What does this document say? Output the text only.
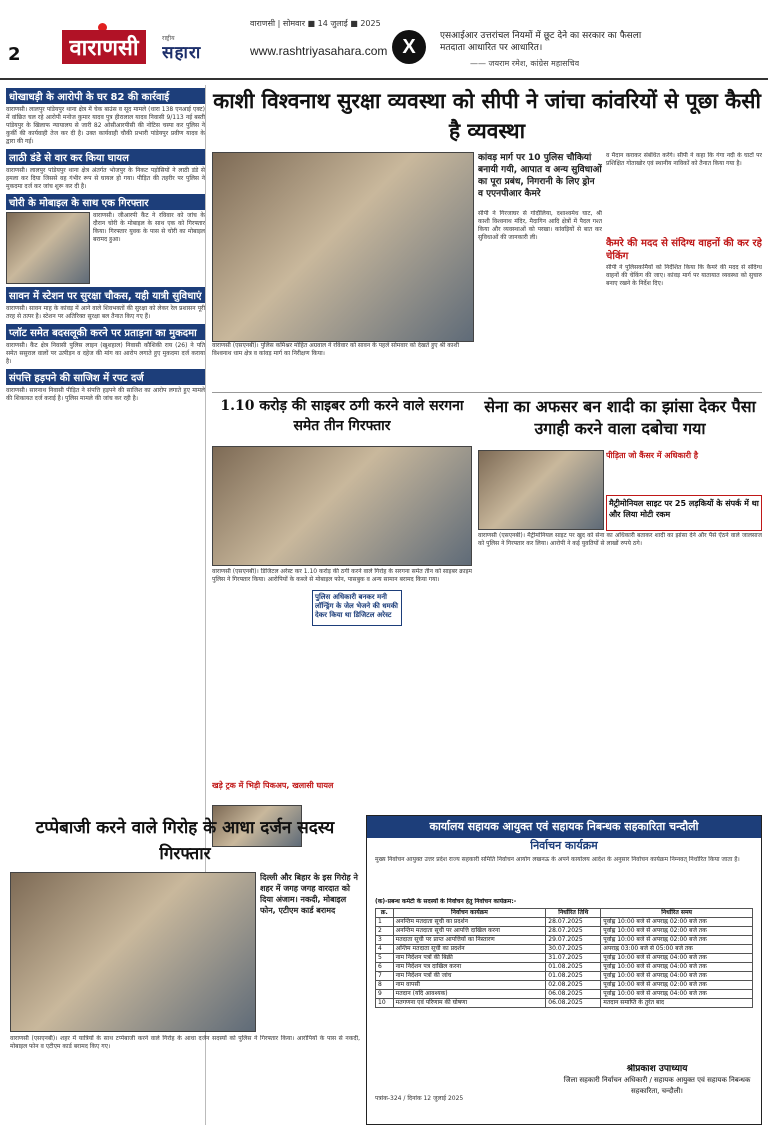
2	वाराणसी
वाराणसी | सोमवार ■ 14 जुलाई ■ 2025
राष्ट्रीय
सहारा	www.rashtriyasahara.com X	एसआईआर उत्तरांचल नियमों में छूट देने का सरकार का फैसला मतदाता आधारित पर आधारित।
—— जयराम रमेश, कांग्रेस महासचिव
धोखाधड़ी के आरोपी के घर 82 की कार्रवाई
वाराणसी। लालपुर पांडेयपुर थाना क्षेत्र में चेक बाउंस व सूद मामले (धारा 138 एनआई एक्ट) में वांछित चल रहे आरोपी मनोज कुमार यादव पुत्र हीरालाल यादव निवासी 9/113 नई बस्ती पांडेयपुर के खिलाफ न्यायालय से जारी 82 ओसीआरपीसी की नोटिस चस्पा कर पुलिस ने कुर्की की कार्यवाही तेज कर दी है। उक्त कार्यवाही चौकी प्रभारी पांडेयपुर प्रवीण यादव के द्वारा की गई।
लाठी डंडे से वार कर किया घायल
वाराणसी। लालपुर पांडेयपुर थाना क्षेत्र अंतर्गत भोजपुर के निकट पड़ोसियों ने लाठी डंडे से हमला कर दिया जिससे वह गंभीर रूप से घायल हो गया। पीड़ित की तहरीर पर पुलिस ने मुकदमा दर्ज कर जांच शुरू कर दी है।
चोरी के मोबाइल के साथ एक गिरफ्तार
वाराणसी। जीआरपी कैंट ने रविवार को जांच के दौरान चोरी के मोबाइल के साथ एक को गिरफ्तार किया। गिरफ्तार युवक के पास से चोरी का मोबाइल बरामद हुआ।
सावन में स्टेशन पर सुरक्षा चौकस, यही यात्री सुविधाएं
वाराणसी। सावन माह के कांवड़ में आने वाले शिवभक्तों की सुरक्षा को लेकर रेल प्रशासन पूरी तरह से तत्पर है। स्टेशन पर अतिरिक्त सुरक्षा बल तैनात किए गए हैं।
प्लॉट समेत बदसलूकी करने पर प्रताड़ना का मुकदमा
वाराणसी। कैंट क्षेत्र निवासी पुलिस लाइन (खुशहाल) निवासी कौशिकी राय (26) ने पति समेत ससुराल वालों पर उत्पीड़न व दहेज की मांग का आरोप लगाते हुए मुकदमा दर्ज कराया है।
संपत्ति हड़पने की साजिश में रपट दर्ज
वाराणसी। सारनाथ निवासी पीड़ित ने संपत्ति हड़पने की साजिश का आरोप लगाते हुए मामले की शिकायत दर्ज कराई है। पुलिस मामले की जांच कर रही है।
काशी विश्वनाथ सुरक्षा व्यवस्था को सीपी ने जांचा कांवरियों से पूछा कैसी है व्यवस्था
वाराणसी (एसएनबी)। पुलिस कमिश्नर मोहित अग्रवाल ने रविवार को सावन के पहले सोमवार को देखते हुए श्री काशी विश्वनाथ धाम क्षेत्र व कांवड़ मार्ग का निरीक्षण किया।
कांवड़ मार्ग पर 10 पुलिस चौकियां बनायी गयी, आपात व अन्य सुविधाओं का पूरा प्रबंध, निगरानी के लिए ड्रोन व एएनपीआर कैमरे
सीपी ने गिरजाघर से गोदौलिया, दशाश्वमेध घाट, श्री काशी विश्वनाथ मंदिर, मैदागिन आदि क्षेत्रों में पैदल गश्त किया और व्यवस्थाओं को परखा। कांवड़ियों से बात कर सुविधाओं की जानकारी ली।
व मैदान कराकर संबंधित करेंगे। सीपी ने कहा कि गंगा नदी के घाटों पर प्रशिक्षित गोताखोर एवं स्थानीय नाविकों को तैनात किया गया है।
कैमरे की मदद से संदिग्ध वाहनों की कर रहे चेकिंग
सीपी ने पुलिसकर्मियों को निर्देशित किया कि कैमरे की मदद से संदिग्ध वाहनों की चेकिंग की जाए। कांवड़ मार्ग पर यातायात व्यवस्था को सुचारु बनाए रखने के निर्देश दिए।
1.10 करोड़ की साइबर ठगी करने वाले सरगना समेत तीन गिरफ्तार
वाराणसी (एसएनबी)। डिजिटल अरेस्ट कर 1.10 करोड़ की ठगी करने वाले गिरोह के सरगना समेत तीन को साइबर क्राइम पुलिस ने गिरफ्तार किया। आरोपियों के कब्जे से मोबाइल फोन, पासबुक व अन्य सामान बरामद किया गया।
पुलिस अधिकारी बनकर मनी लॉन्ड्रिंग के जेल भेजने की धमकी देकर किया था डिजिटल अरेस्ट
खड़े ट्रक में भिड़ी पिकअप, खलासी घायल
सेना का अफसर बन शादी का झांसा देकर पैसा उगाही करने वाला दबोचा गया
पीड़िता जो कैंसर में अधिकारी है
मैट्रीमोनियल साइट पर 25 लड़कियों के संपर्क में था और लिया मोटी रकम
वाराणसी (एसएनबी)। मैट्रीमोनियल साइट पर खुद को सेना का अधिकारी बताकर शादी का झांसा देने और पैसे ऐंठने वाले जालसाज को पुलिस ने गिरफ्तार कर लिया। आरोपी ने कई युवतियों से लाखों रुपये ठगे।
कार्यालय सहायक आयुक्त एवं सहायक निबन्धक सहकारिता चन्दौली
निर्वाचन कार्यक्रम
मुख्य निर्वाचन आयुक्त उत्तर प्रदेश राज्य सहकारी समिति निर्वाचन आयोग लखनऊ के अपने कार्यालय आदेश के अनुसार निर्वाचन कार्यक्रम निम्नवत् निर्धारित किया जाता है।
(क)-प्रबन्ध कमेटी के सदस्यों के निर्वाचन हेतु निर्वाचन कार्यक्रम:-
क्र.	निर्वाचन कार्यक्रम	निर्धारित तिथि	निर्धारित समय
1	अनन्तिम मतदाता सूची का प्रदर्शन	28.07.2025	पूर्वाह्न 10:00 बजे से अपराह्न 02:00 बजे तक
2	अनन्तिम मतदाता सूची पर आपत्ति दाखिल करना	28.07.2025	पूर्वाह्न 10:00 बजे से अपराह्न 02:00 बजे तक
3	मतदाता सूची पर प्राप्त आपत्तियों का निस्तारण	29.07.2025	पूर्वाह्न 10:00 बजे से अपराह्न 02:00 बजे तक
4	अन्तिम मतदाता सूची का प्रदर्शन	30.07.2025	अपराह्न 03:00 बजे से 05:00 बजे तक
5	नाम निर्देशन पत्रों की बिक्री	31.07.2025	पूर्वाह्न 10:00 बजे से अपराह्न 04:00 बजे तक
6	नाम निर्देशन पत्र दाखिल करना	01.08.2025	पूर्वाह्न 10:00 बजे से अपराह्न 04:00 बजे तक
7	नाम निर्देशन पत्रों की जांच	01.08.2025	पूर्वाह्न 10:00 बजे से अपराह्न 04:00 बजे तक
8	नाम वापसी	02.08.2025	पूर्वाह्न 10:00 बजे से अपराह्न 02:00 बजे तक
9	मतदान (यदि आवश्यक)	06.08.2025	पूर्वाह्न 10:00 बजे से अपराह्न 04:00 बजे तक
10	मतगणना एवं परिणाम की घोषणा	06.08.2025	मतदान समाप्ति के तुरंत बाद
श्रीप्रकाश उपाध्याय
जिला सहकारी निर्वाचन अधिकारी / सहायक आयुक्त एवं सहायक निबन्धक सहकारिता, चन्दौली।
पत्रांक-324 / दिनांक 12 जुलाई 2025
टप्पेबाजी करने वाले गिरोह के आधा दर्जन सदस्य गिरफ्तार
दिल्ली और बिहार के इस गिरोह ने शहर में जगह जगह वारदात को दिया अंजाम। नकदी, मोबाइल फोन, एटीएम कार्ड बरामद
वाराणसी (एसएनबी)। शहर में यात्रियों के साथ टप्पेबाजी करने वाले गिरोह के आधा दर्जन सदस्यों को पुलिस ने गिरफ्तार किया। आरोपियों के पास से नकदी, मोबाइल फोन व एटीएम कार्ड बरामद किए गए।
